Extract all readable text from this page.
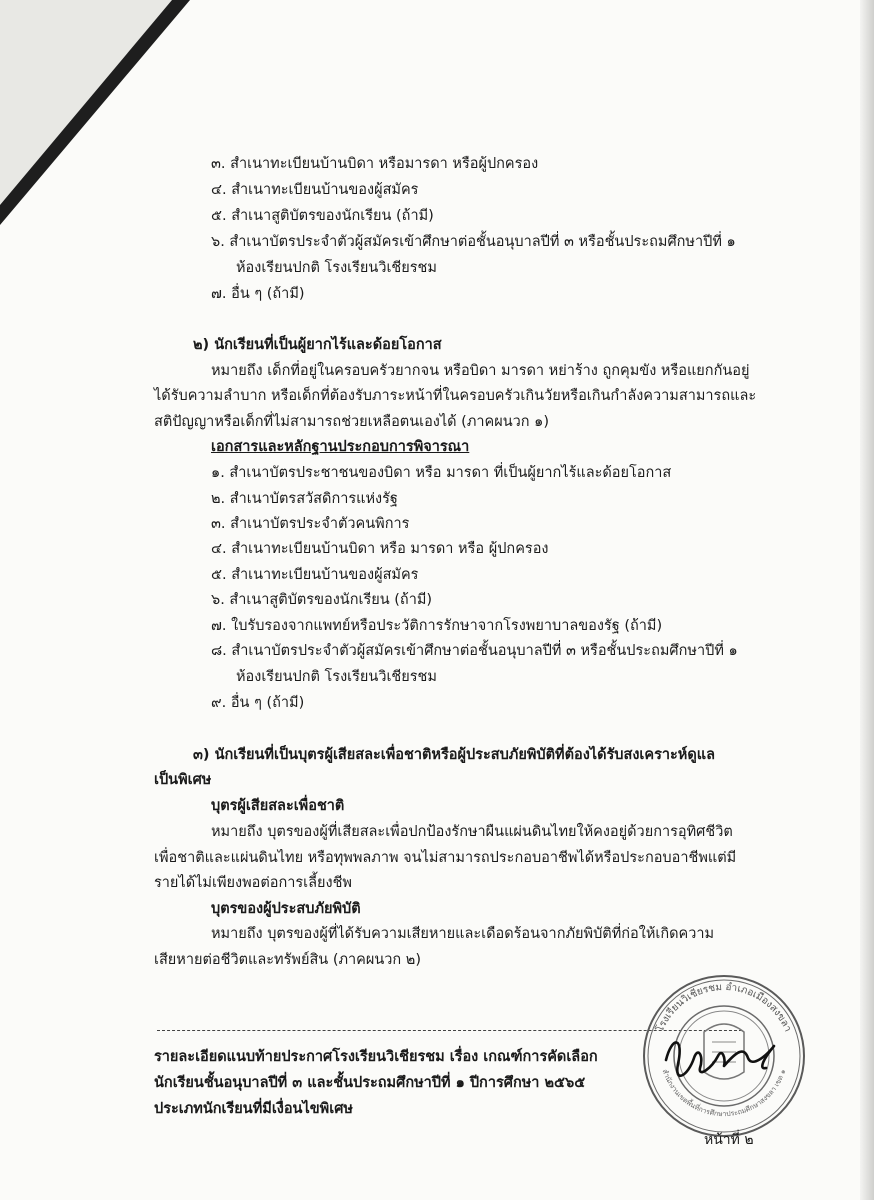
๓. สำเนาทะเบียนบ้านบิดา หรือมารดา หรือผู้ปกครอง
๔. สำเนาทะเบียนบ้านของผู้สมัคร
๕. สำเนาสูติบัตรของนักเรียน (ถ้ามี)
๖. สำเนาบัตรประจำตัวผู้สมัครเข้าศึกษาต่อชั้นอนุบาลปีที่ ๓ หรือชั้นประถมศึกษาปีที่ ๑
ห้องเรียนปกติ โรงเรียนวิเชียรชม
๗. อื่น ๆ (ถ้ามี)
๒) นักเรียนที่เป็นผู้ยากไร้และด้อยโอกาส
หมายถึง เด็กที่อยู่ในครอบครัวยากจน หรือบิดา มารดา หย่าร้าง ถูกคุมขัง หรือแยกกันอยู่
ได้รับความลำบาก หรือเด็กที่ต้องรับภาระหน้าที่ในครอบครัวเกินวัยหรือเกินกำลังความสามารถและ
สติปัญญาหรือเด็กที่ไม่สามารถช่วยเหลือตนเองได้ (ภาคผนวก ๑)
เอกสารและหลักฐานประกอบการพิจารณา
๑. สำเนาบัตรประชาชนของบิดา หรือ มารดา ที่เป็นผู้ยากไร้และด้อยโอกาส
๒. สำเนาบัตรสวัสดิการแห่งรัฐ
๓. สำเนาบัตรประจำตัวคนพิการ
๔. สำเนาทะเบียนบ้านบิดา หรือ มารดา หรือ ผู้ปกครอง
๕. สำเนาทะเบียนบ้านของผู้สมัคร
๖. สำเนาสูติบัตรของนักเรียน (ถ้ามี)
๗. ใบรับรองจากแพทย์หรือประวัติการรักษาจากโรงพยาบาลของรัฐ (ถ้ามี)
๘. สำเนาบัตรประจำตัวผู้สมัครเข้าศึกษาต่อชั้นอนุบาลปีที่ ๓ หรือชั้นประถมศึกษาปีที่ ๑
ห้องเรียนปกติ โรงเรียนวิเชียรชม
๙. อื่น ๆ (ถ้ามี)
๓) นักเรียนที่เป็นบุตรผู้เสียสละเพื่อชาติหรือผู้ประสบภัยพิบัติที่ต้องได้รับสงเคราะห์ดูแล
เป็นพิเศษ
บุตรผู้เสียสละเพื่อชาติ
หมายถึง บุตรของผู้ที่เสียสละเพื่อปกป้องรักษาผืนแผ่นดินไทยให้คงอยู่ด้วยการอุทิศชีวิต
เพื่อชาติและแผ่นดินไทย หรือทุพพลภาพ จนไม่สามารถประกอบอาชีพได้หรือประกอบอาชีพแต่มี
รายได้ไม่เพียงพอต่อการเลี้ยงชีพ
บุตรของผู้ประสบภัยพิบัติ
หมายถึง บุตรของผู้ที่ได้รับความเสียหายและเดือดร้อนจากภัยพิบัติที่ก่อให้เกิดความ
เสียหายต่อชีวิตและทรัพย์สิน (ภาคผนวก ๒)
รายละเอียดแนบท้ายประกาศโรงเรียนวิเชียรชม เรื่อง เกณฑ์การคัดเลือก
นักเรียนชั้นอนุบาลปีที่ ๓ และชั้นประถมศึกษาปีที่ ๑ ปีการศึกษา ๒๕๖๕
ประเภทนักเรียนที่มีเงื่อนไขพิเศษ
โรงเรียนวิเชียรชม อำเภอเมืองสงขลา
สำนักงานเขตพื้นที่การศึกษาประถมศึกษาสงขลา เขต ๑
หน้าที่ ๒
